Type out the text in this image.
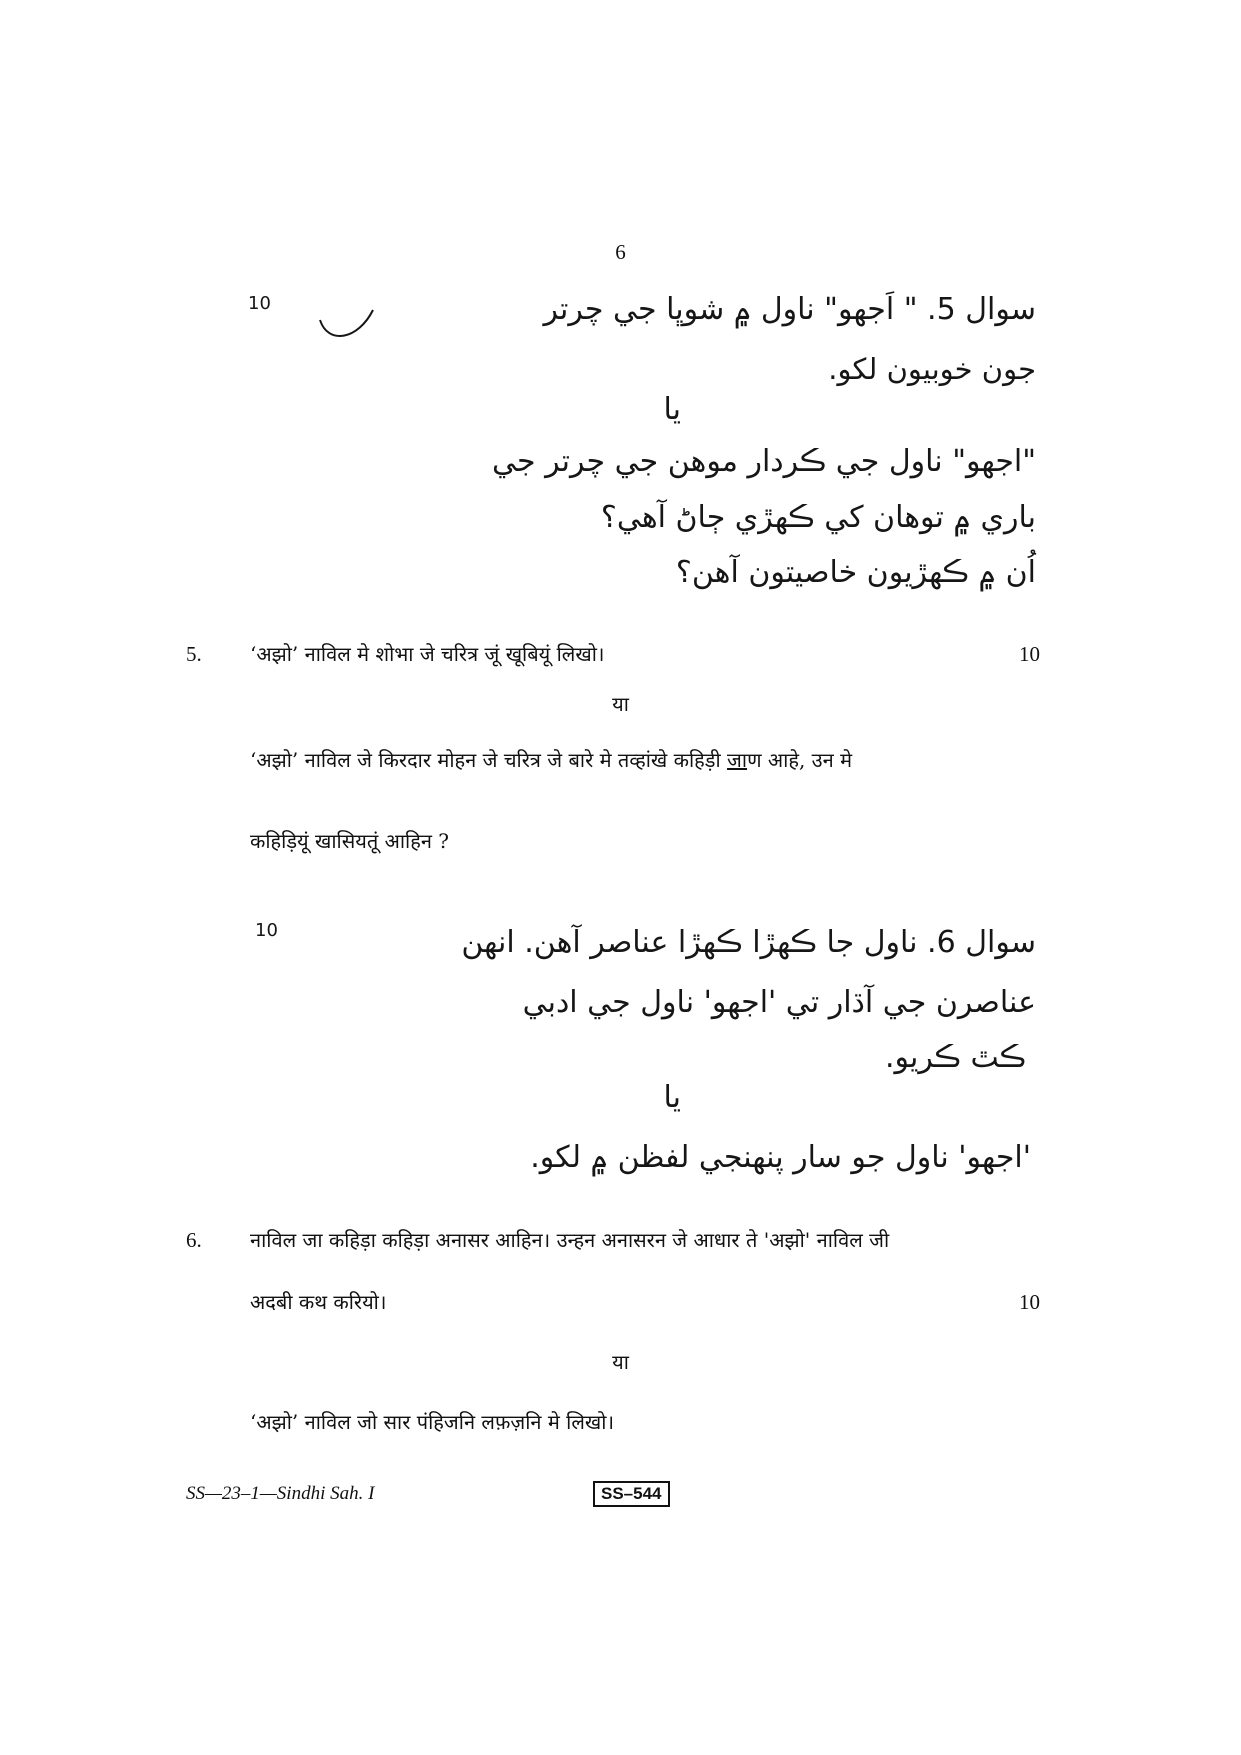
6
10	سوال 5. " اَجھو" ناول ۾ شوڀا جي چرتر
جون خوبيون لکو.
يا
"اجھو" ناول جي ڪردار موھن جي چرتر جي
باري ۾ توھان کي ڪهڙي ڄاڻ آھي؟
اُن ۾ ڪهڙيون خاصيتون آھن؟
5. ‘अझो’ नाविल मे शोभा जे चरित्र जूं खूबियूं लिखो।	10
या
‘अझो’ नाविल जे किरदार मोहन जे चरित्र जे बारे मे तव्हांखे कहिड़ी जाण आहे, उन मे
कहिड़ियूं खासियतूं आहिन ?
10	سوال 6. ناول جا ڪهڙا ڪهڙا عناصر آھن. انهن
عناصرن جي آڌار تي 'اجھو' ناول جي ادبي
ڪٿ ڪريو.
يا
'اجھو' ناول جو سار پنهنجي لفظن ۾ لکو.
6. नाविल जा कहिड़ा कहिड़ा अनासर आहिन। उन्हन अनासरन जे आधार ते 'अझो' नाविल जी
अदबी कथ करियो।	10
या
‘अझो’ नाविल जो सार पंहिजनि लफ़ज़नि मे लिखो।
SS—23–1—Sindhi Sah. I	SS–544
